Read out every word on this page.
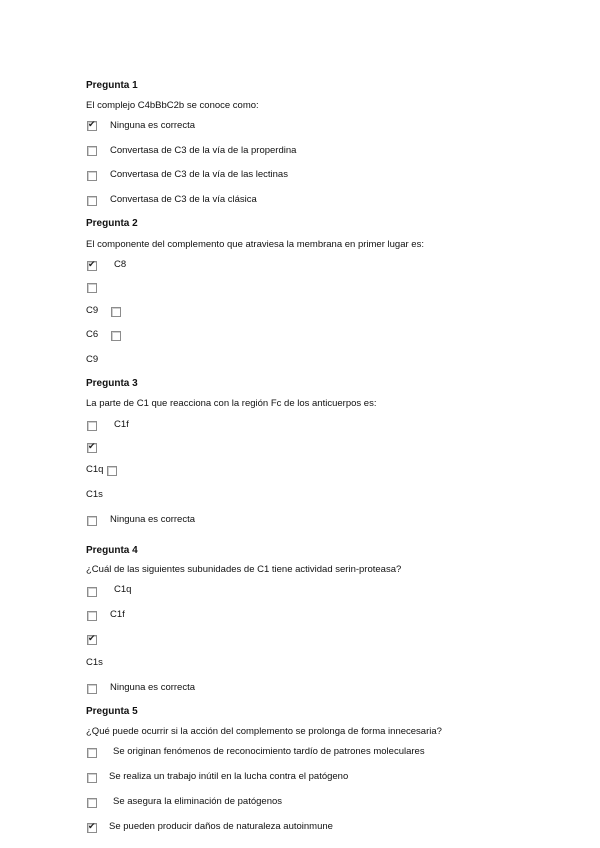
Pregunta 1
El complejo C4bBbC2b se conoce como:
✔ Ninguna es correcta
Convertasa de C3 de la vía de la properdina
Convertasa de C3 de la vía de las lectinas
Convertasa de C3 de la vía clásica
Pregunta 2
El componente del complemento que atraviesa la membrana en primer lugar es:
✔ C8
C9
C6
C9
Pregunta 3
La parte de C1 que reacciona con la región Fc de los anticuerpos es:
C1f
✔
C1q
C1s
Ninguna es correcta
Pregunta 4
¿Cuál de las siguientes subunidades de C1 tiene actividad serin-proteasa?
C1q
C1f
✔
C1s
Ninguna es correcta
Pregunta 5
¿Qué puede ocurrir si la acción del complemento se prolonga de forma innecesaria?
Se originan fenómenos de reconocimiento tardío de patrones moleculares
Se realiza un trabajo inútil en la lucha contra el patógeno
Se asegura la eliminación de patógenos
✔ Se pueden producir daños de naturaleza autoinmune
